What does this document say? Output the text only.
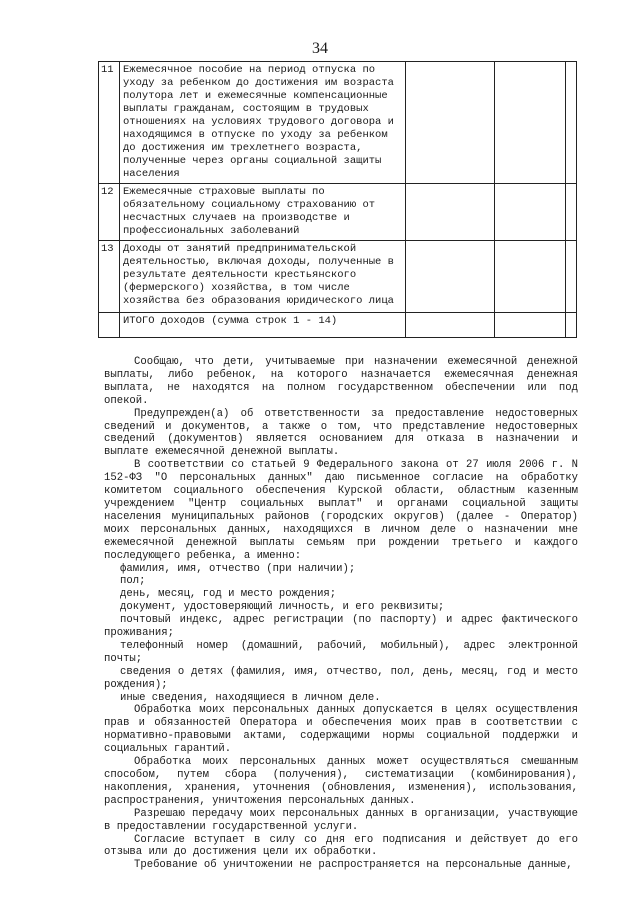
34
11	Ежемесячное пособие на период отпуска по уходу за ребенком до достижения им возраста полутора лет и ежемесячные компенсационные выплаты гражданам, состоящим в трудовых отношениях на условиях трудового договора и находящимся в отпуске по уходу за ребенком до достижения им трехлетнего возраста, полученные через органы социальной защиты населения			
12	Ежемесячные страховые выплаты по обязательному социальному страхованию от несчастных случаев на производстве и профессиональных заболеваний			
13	Доходы от занятий предпринимательской деятельностью, включая доходы, полученные в результате деятельности крестьянского (фермерского) хозяйства, в том числе хозяйства без образования юридического лица			
	ИТОГО доходов (сумма строк 1 - 14)			

Сообщаю, что дети, учитываемые при назначении ежемесячной денежной выплаты, либо ребенок, на которого назначается ежемесячная денежная выплата, не находятся на полном государственном обеспечении или под опекой.

Предупрежден(а) об ответственности за предоставление недостоверных сведений и документов, а также о том, что представление недостоверных сведений (документов) является основанием для отказа в назначении и выплате ежемесячной денежной выплаты.

В соответствии со статьей 9 Федерального закона от 27 июля 2006 г. N 152-ФЗ "О персональных данных" даю письменное согласие на обработку комитетом социального обеспечения Курской области, областным казенным учреждением "Центр социальных выплат" и органами социальной защиты населения муниципальных районов (городских округов) (далее - Оператор) моих персональных данных, находящихся в личном деле о назначении мне ежемесячной денежной выплаты семьям при рождении третьего и каждого последующего ребенка, а именно:

фамилия, имя, отчество (при наличии);

пол;

день, месяц, год и место рождения;

документ, удостоверяющий личность, и его реквизиты;

почтовый индекс, адрес регистрации (по паспорту) и адрес фактического проживания;

телефонный номер (домашний, рабочий, мобильный), адрес электронной почты;

сведения о детях (фамилия, имя, отчество, пол, день, месяц, год и место рождения);

иные сведения, находящиеся в личном деле.

Обработка моих персональных данных допускается в целях осуществления прав и обязанностей Оператора и обеспечения моих прав в соответствии с нормативно-правовыми актами, содержащими нормы социальной поддержки и социальных гарантий.

Обработка моих персональных данных может осуществляться смешанным способом, путем сбора (получения), систематизации (комбинирования), накопления, хранения, уточнения (обновления, изменения), использования, распространения, уничтожения персональных данных.

Разрешаю передачу моих персональных данных в организации, участвующие в предоставлении государственной услуги.

Согласие вступает в силу со дня его подписания и действует до его отзыва или до достижения цели их обработки.

Требование об уничтожении не распространяется на персональные данные,
